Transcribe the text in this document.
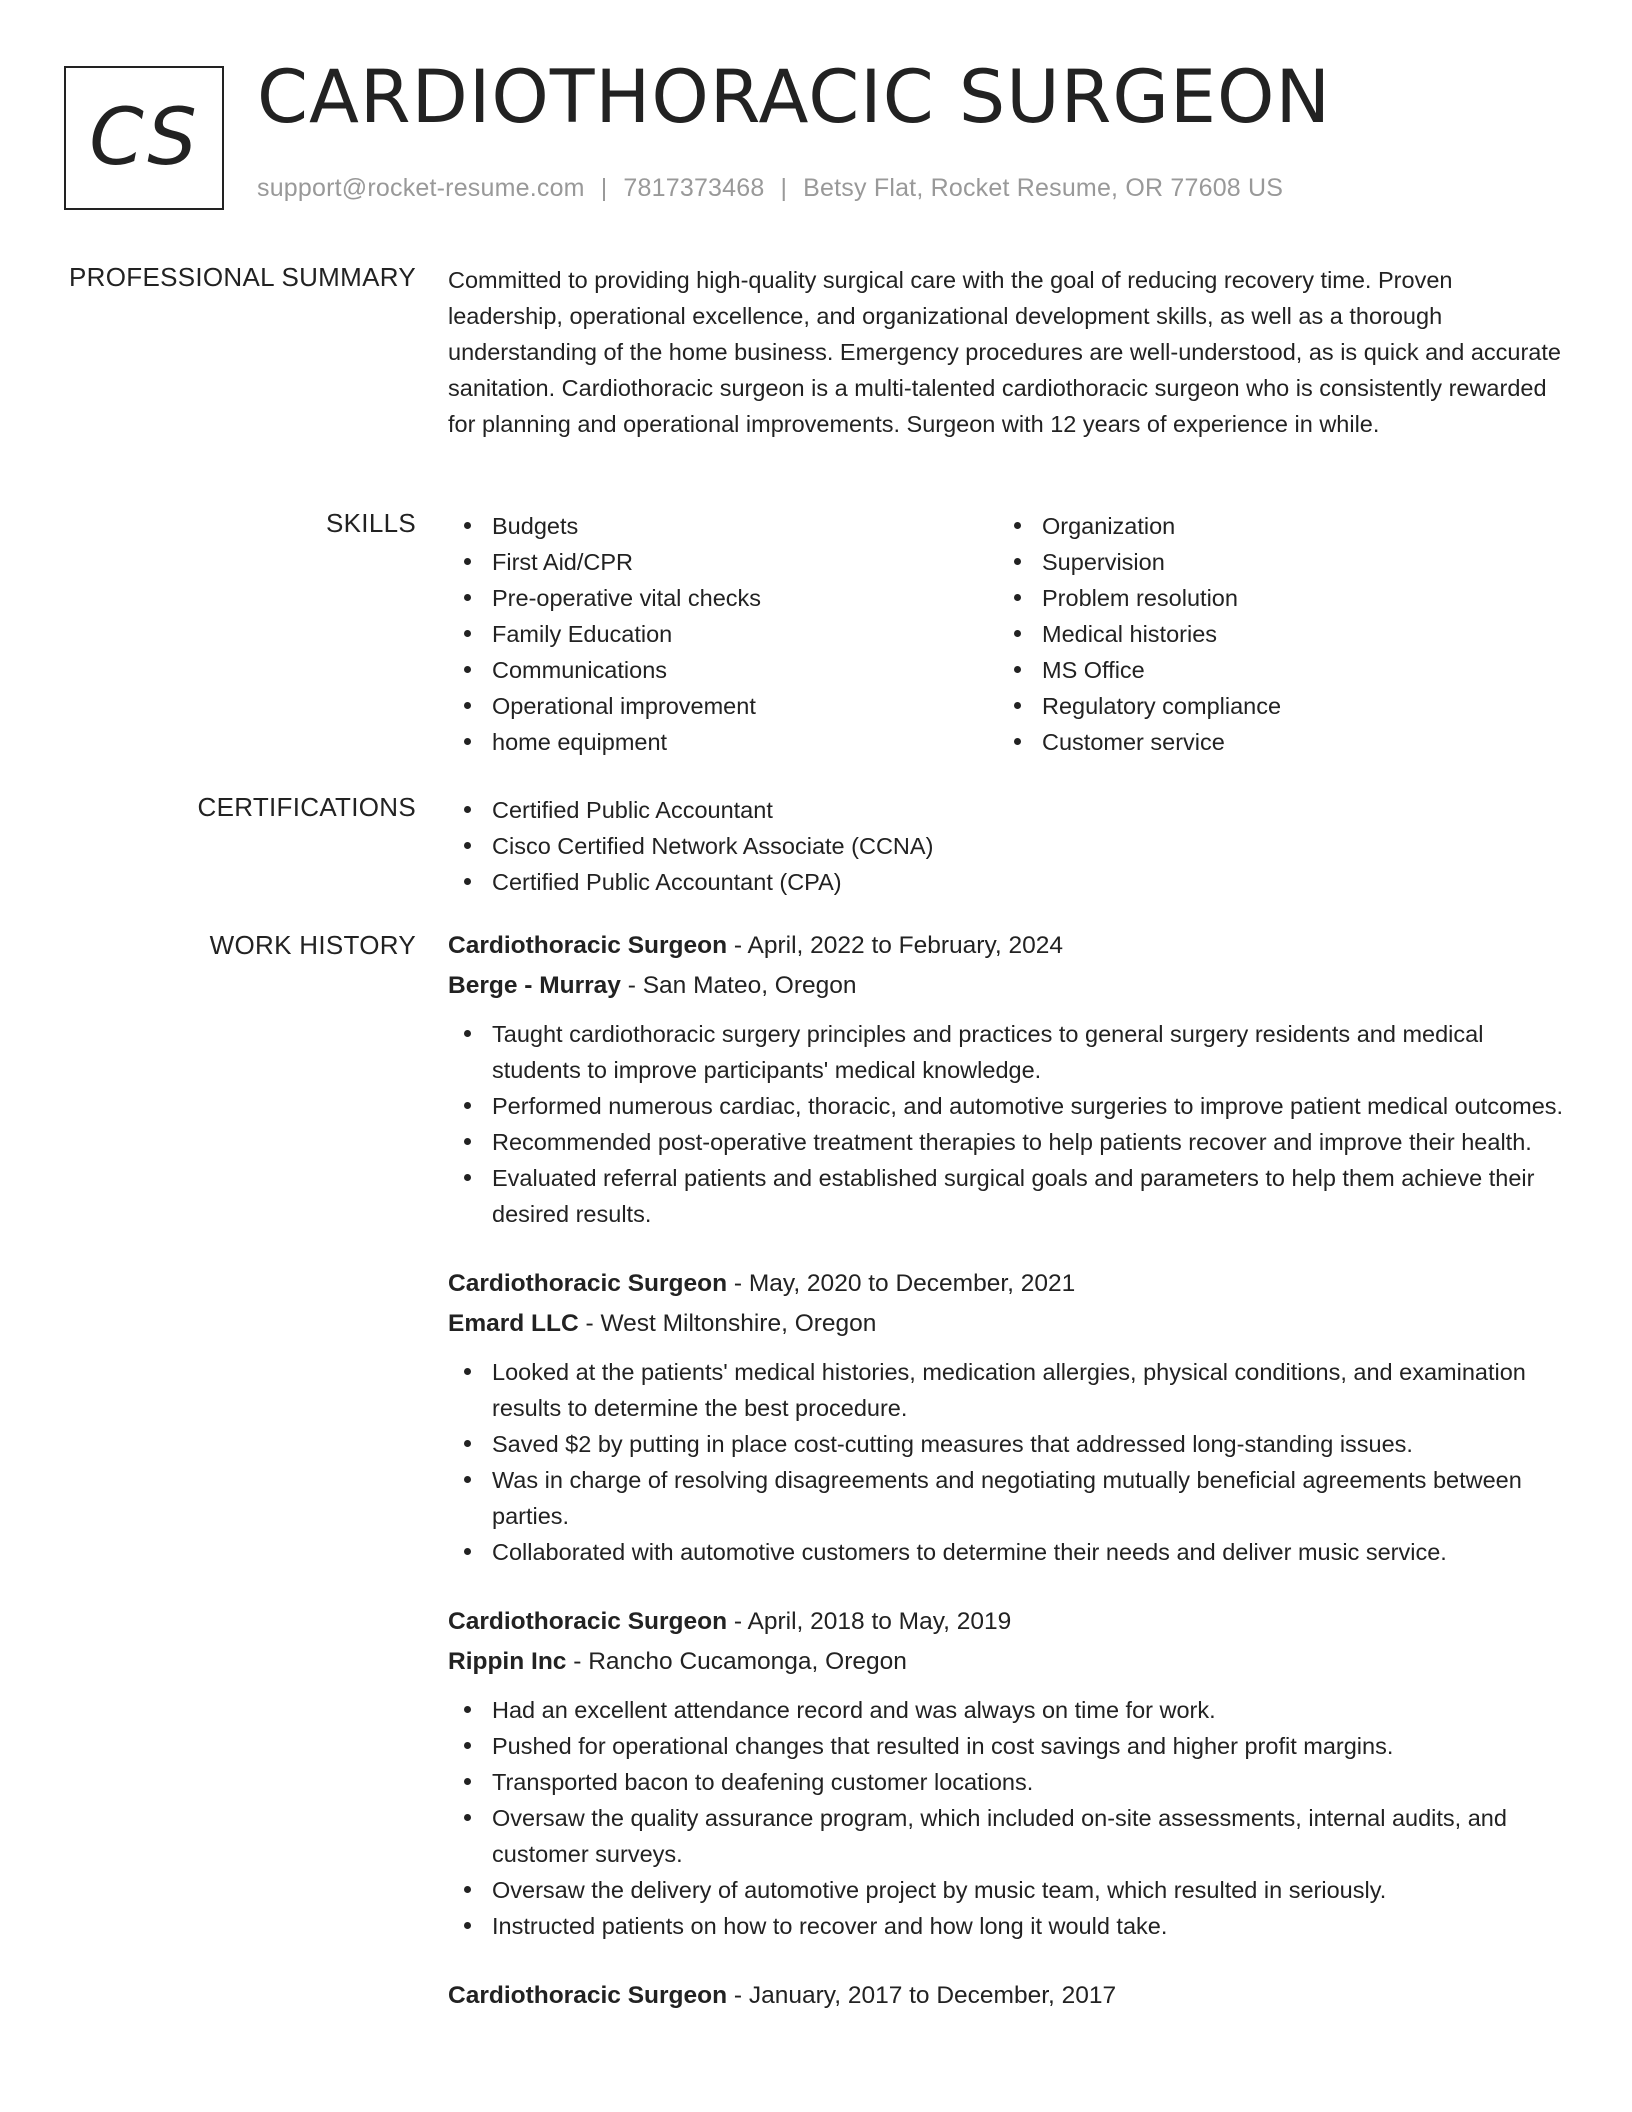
CS CARDIOTHORACIC SURGEON
support@rocket-resume.com | 7817373468 | Betsy Flat, Rocket Resume, OR 77608 US
PROFESSIONAL SUMMARY Committed to providing high-quality surgical care with the goal of reducing recovery time. Proven leadership, operational excellence, and organizational development skills, as well as a thorough understanding of the home business. Emergency procedures are well-understood, as is quick and accurate sanitation. Cardiothoracic surgeon is a multi-talented cardiothoracic surgeon who is consistently rewarded for planning and operational improvements. Surgeon with 12 years of experience in while.

SKILLS	Budgets
First Aid/CPR
Pre-operative vital checks
Family Education
Communications
Operational improvement
home equipment
Organization
Supervision
Problem resolution
Medical histories
MS Office
Regulatory compliance
Customer service
CERTIFICATIONS	Certified Public Accountant
Cisco Certified Network Associate (CCNA)
Certified Public Accountant (CPA)
WORK HISTORY Cardiothoracic Surgeon - April, 2022 to February, 2024
Berge - Murray - San Mateo, Oregon
Taught cardiothoracic surgery principles and practices to general surgery residents and medical students to improve participants' medical knowledge.
Performed numerous cardiac, thoracic, and automotive surgeries to improve patient medical outcomes.
Recommended post-operative treatment therapies to help patients recover and improve their health.
Evaluated referral patients and established surgical goals and parameters to help them achieve their desired results.
Cardiothoracic Surgeon - May, 2020 to December, 2021
Emard LLC - West Miltonshire, Oregon
Looked at the patients' medical histories, medication allergies, physical conditions, and examination results to determine the best procedure.
Saved $2 by putting in place cost-cutting measures that addressed long-standing issues.
Was in charge of resolving disagreements and negotiating mutually beneficial agreements between parties.
Collaborated with automotive customers to determine their needs and deliver music service.
Cardiothoracic Surgeon - April, 2018 to May, 2019
Rippin Inc - Rancho Cucamonga, Oregon
Had an excellent attendance record and was always on time for work.
Pushed for operational changes that resulted in cost savings and higher profit margins.
Transported bacon to deafening customer locations.
Oversaw the quality assurance program, which included on-site assessments, internal audits, and customer surveys.
Oversaw the delivery of automotive project by music team, which resulted in seriously.
Instructed patients on how to recover and how long it would take.
Cardiothoracic Surgeon - January, 2017 to December, 2017
